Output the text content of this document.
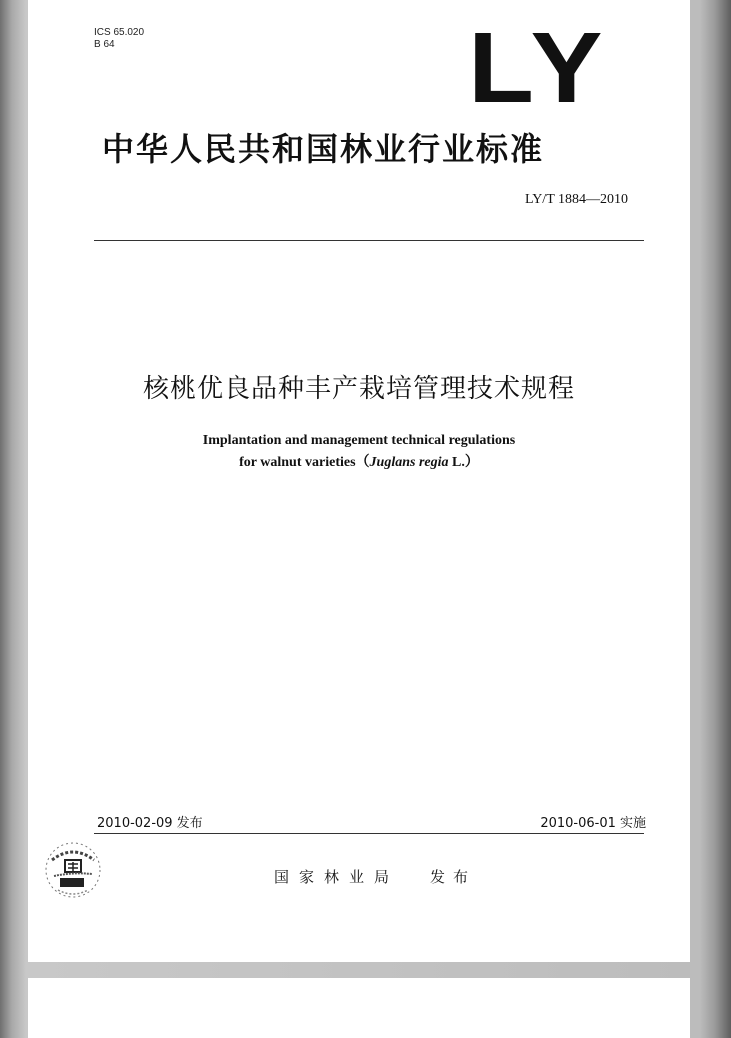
ICS 65.020
B 64	LY
中华人民共和国林业行业标准
LY/T 1884—2010
核桃优良品种丰产栽培管理技术规程
Implantation and management technical regulations
for walnut varieties（Juglans regia L.）
2010-02-09 发布	2010-06-01 实施
国家林业局 发布
